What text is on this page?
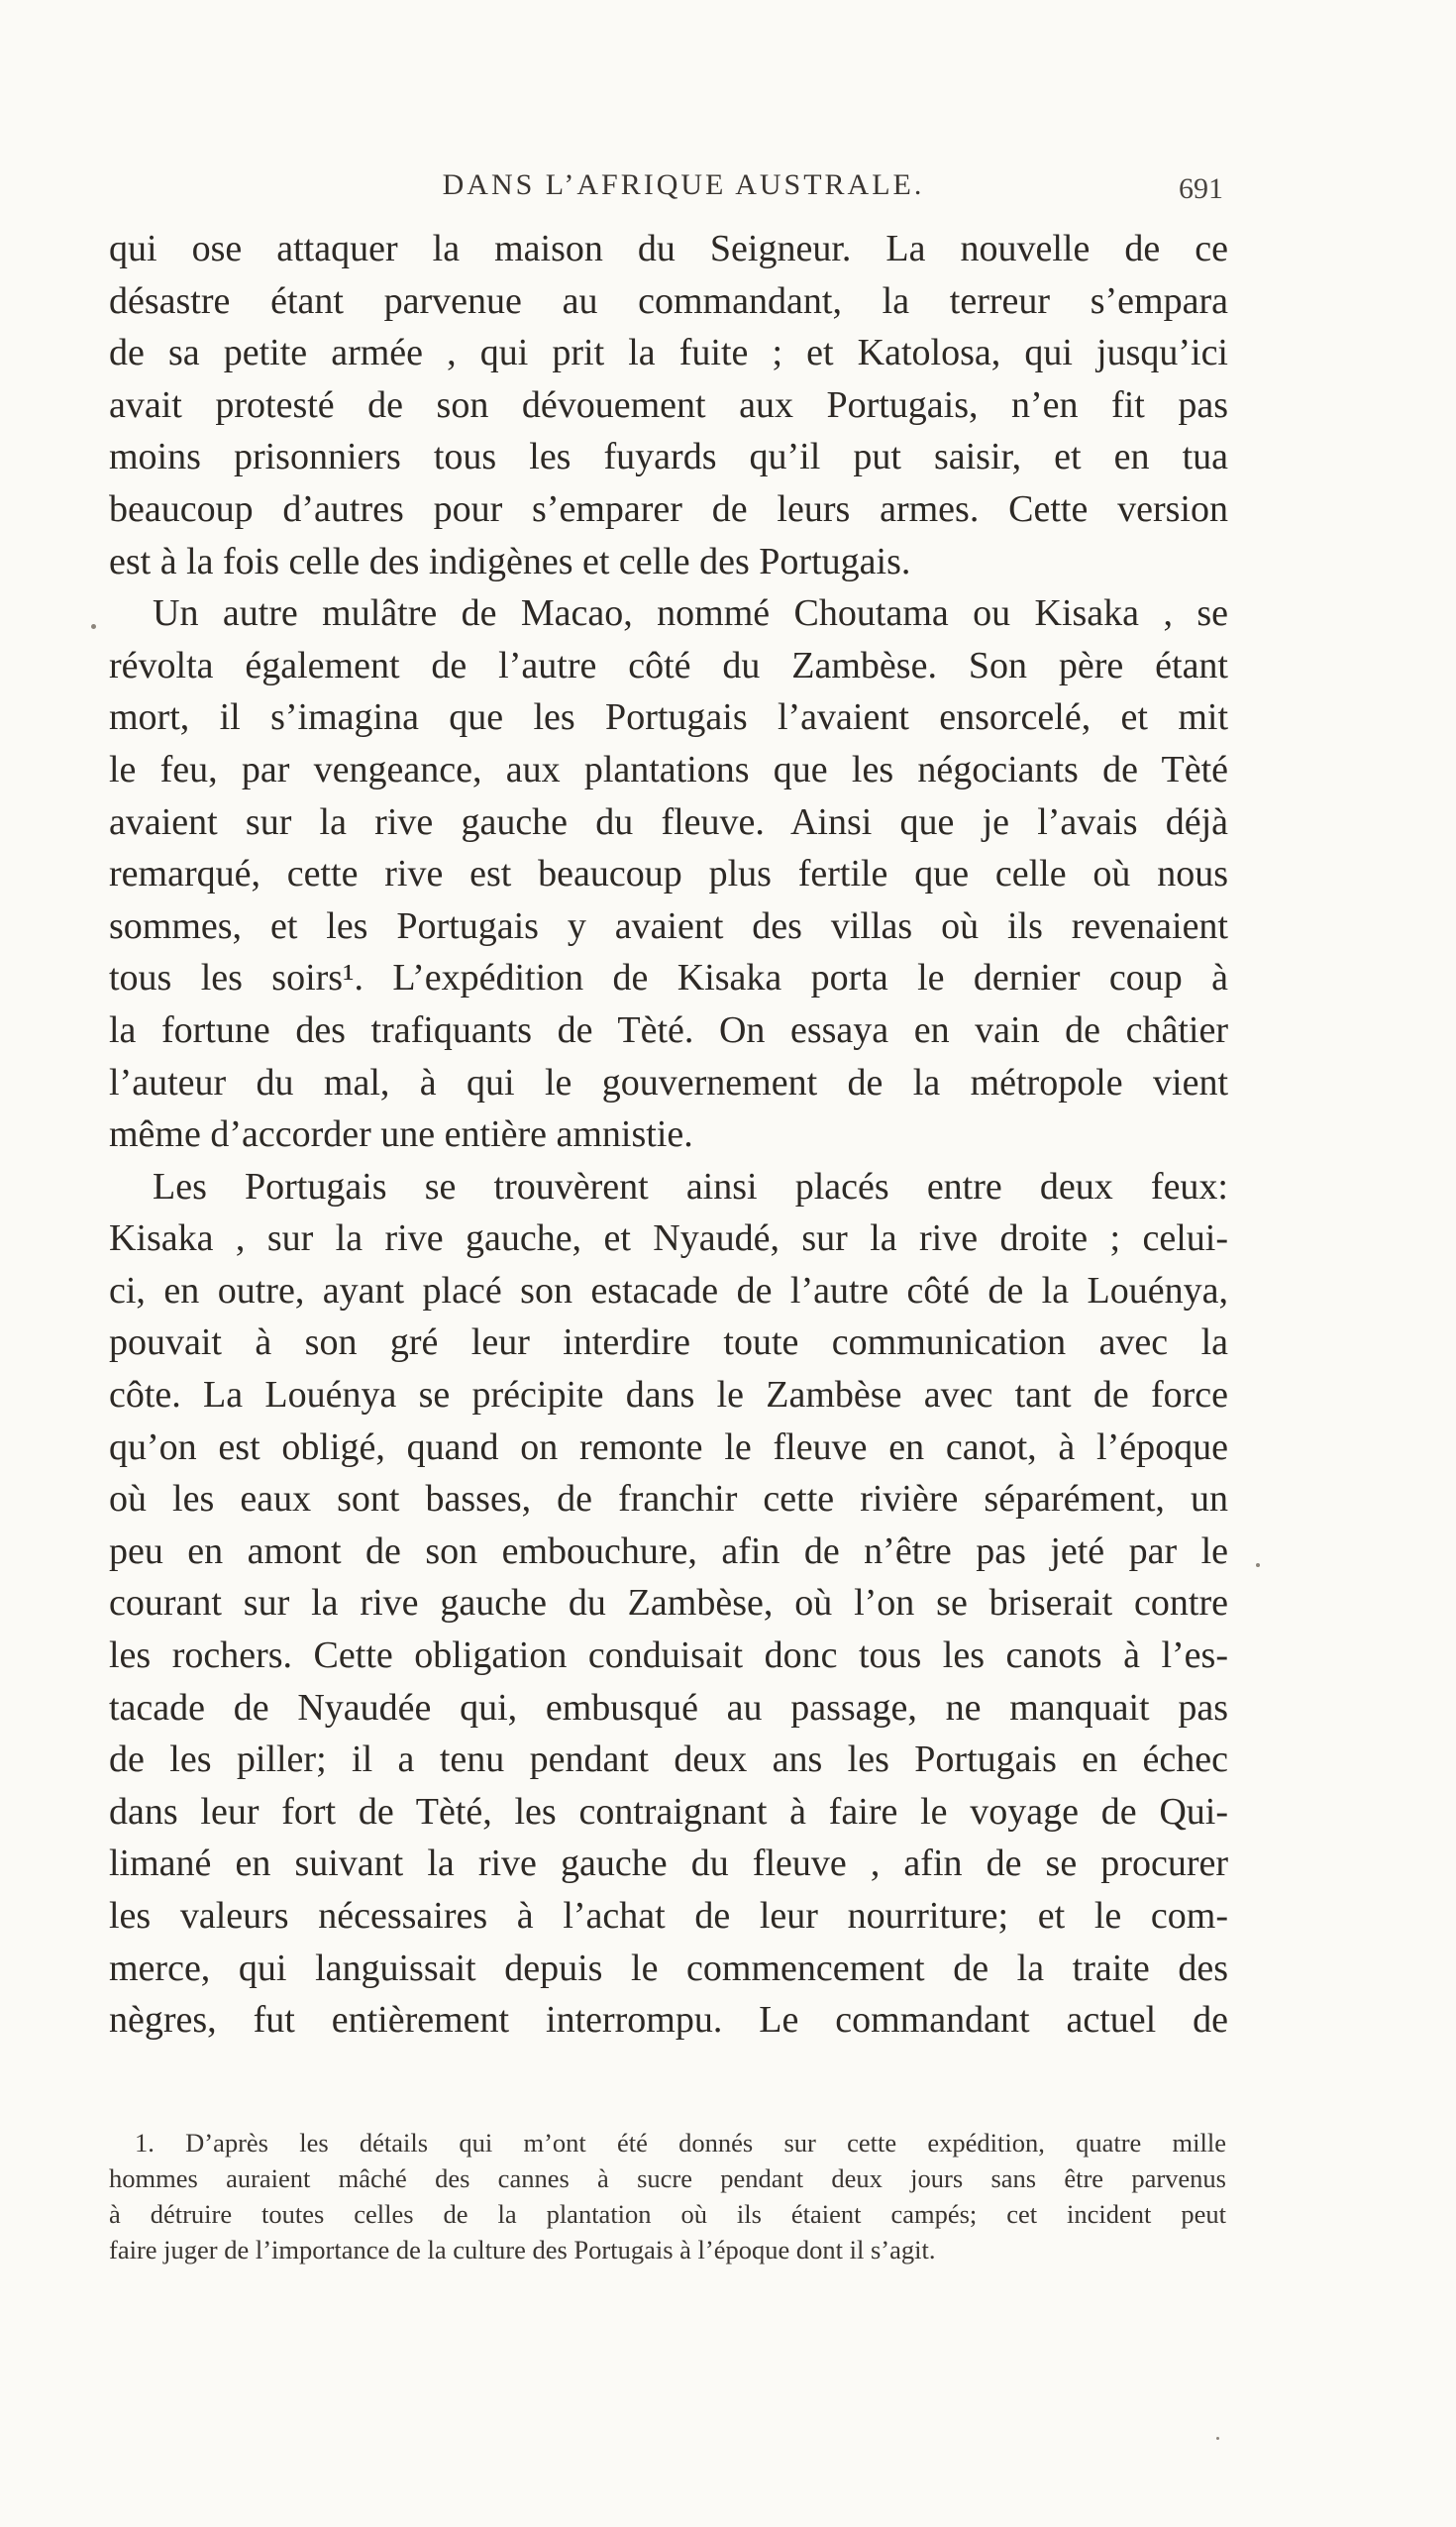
DANS L’AFRIQUE AUSTRALE.	691
qui ose attaquer la maison du Seigneur. La nouvelle de ce
désastre étant parvenue au commandant, la terreur s’empara
de sa petite armée , qui prit la fuite ; et Katolosa, qui jusqu’ici
avait protesté de son dévouement aux Portugais, n’en fit pas
moins prisonniers tous les fuyards qu’il put saisir, et en tua
beaucoup d’autres pour s’emparer de leurs armes. Cette version
est à la fois celle des indigènes et celle des Portugais.
Un autre mulâtre de Macao, nommé Choutama ou Kisaka , se
révolta également de l’autre côté du Zambèse. Son père étant
mort, il s’imagina que les Portugais l’avaient ensorcelé, et mit
le feu, par vengeance, aux plantations que les négociants de Tèté
avaient sur la rive gauche du fleuve. Ainsi que je l’avais déjà
remarqué, cette rive est beaucoup plus fertile que celle où nous
sommes, et les Portugais y avaient des villas où ils revenaient
tous les soirs¹. L’expédition de Kisaka porta le dernier coup à
la fortune des trafiquants de Tèté. On essaya en vain de châtier
l’auteur du mal, à qui le gouvernement de la métropole vient
même d’accorder une entière amnistie.
Les Portugais se trouvèrent ainsi placés entre deux feux:
Kisaka , sur la rive gauche, et Nyaudé, sur la rive droite ; celui-
ci, en outre, ayant placé son estacade de l’autre côté de la Louénya,
pouvait à son gré leur interdire toute communication avec la
côte. La Louénya se précipite dans le Zambèse avec tant de force
qu’on est obligé, quand on remonte le fleuve en canot, à l’époque
où les eaux sont basses, de franchir cette rivière séparément, un
peu en amont de son embouchure, afin de n’être pas jeté par le
courant sur la rive gauche du Zambèse, où l’on se briserait contre
les rochers. Cette obligation conduisait donc tous les canots à l’es-
tacade de Nyaudée qui, embusqué au passage, ne manquait pas
de les piller; il a tenu pendant deux ans les Portugais en échec
dans leur fort de Tèté, les contraignant à faire le voyage de Qui-
limané en suivant la rive gauche du fleuve , afin de se procurer
les valeurs nécessaires à l’achat de leur nourriture; et le com-
merce, qui languissait depuis le commencement de la traite des
nègres, fut entièrement interrompu. Le commandant actuel de
1. D’après les détails qui m’ont été donnés sur cette expédition, quatre mille
hommes auraient mâché des cannes à sucre pendant deux jours sans être parvenus
à détruire toutes celles de la plantation où ils étaient campés; cet incident peut
faire juger de l’importance de la culture des Portugais à l’époque dont il s’agit.
